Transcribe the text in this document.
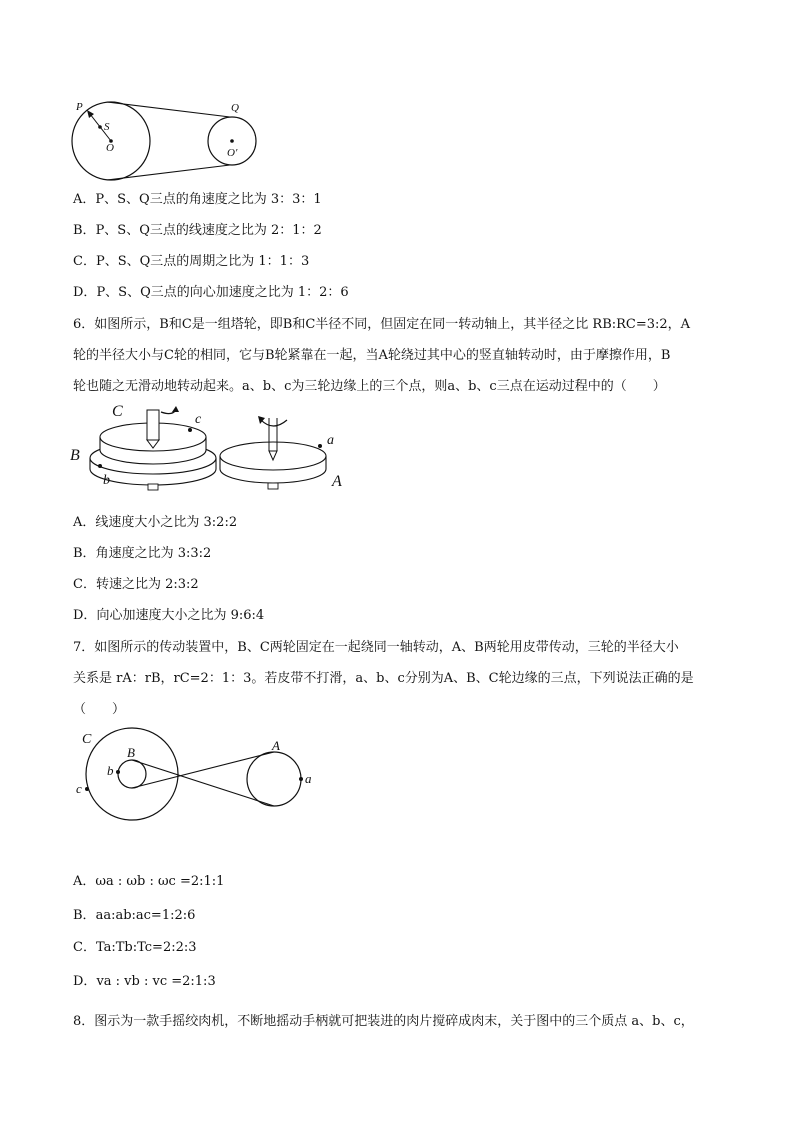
P
S
O
Q
O′
A．P、S、Q三点的角速度之比为 3：3：1
B．P、S、Q三点的线速度之比为 2：1：2
C．P、S、Q三点的周期之比为 1：1：3
D．P、S、Q三点的向心加速度之比为 1：2：6
6．如图所示，B和C是一组塔轮，即B和C半径不同，但固定在同一转动轴上，其半径之比 RB:RC=3:2，A
轮的半径大小与C轮的相同，它与B轮紧靠在一起，当A轮绕过其中心的竖直轴转动时，由于摩擦作用，B
轮也随之无滑动地转动起来。a、b、c为三轮边缘上的三个点，则a、b、c三点在运动过程中的（　　）
C	c
B
b
a
A
A．线速度大小之比为 3:2:2
B．角速度之比为 3:3:2
C．转速之比为 2:3:2
D．向心加速度大小之比为 9:6:4
7．如图所示的传动装置中，B、C两轮固定在一起绕同一轴转动，A、B两轮用皮带传动，三轮的半径大小
关系是 rA：rB，rC=2：1：3。若皮带不打滑，a、b、c分别为A、B、C轮边缘的三点，下列说法正确的是
（　　）
C
B
b
c
A
a
A．ωa : ωb : ωc =2:1:1
B．aa:ab:ac=1:2:6
C．Ta:Tb:Tc=2:2:3
D．va : vb : vc =2:1:3
8．图示为一款手摇绞肉机，不断地摇动手柄就可把装进的肉片搅碎成肉末，关于图中的三个质点 a、b、c，
